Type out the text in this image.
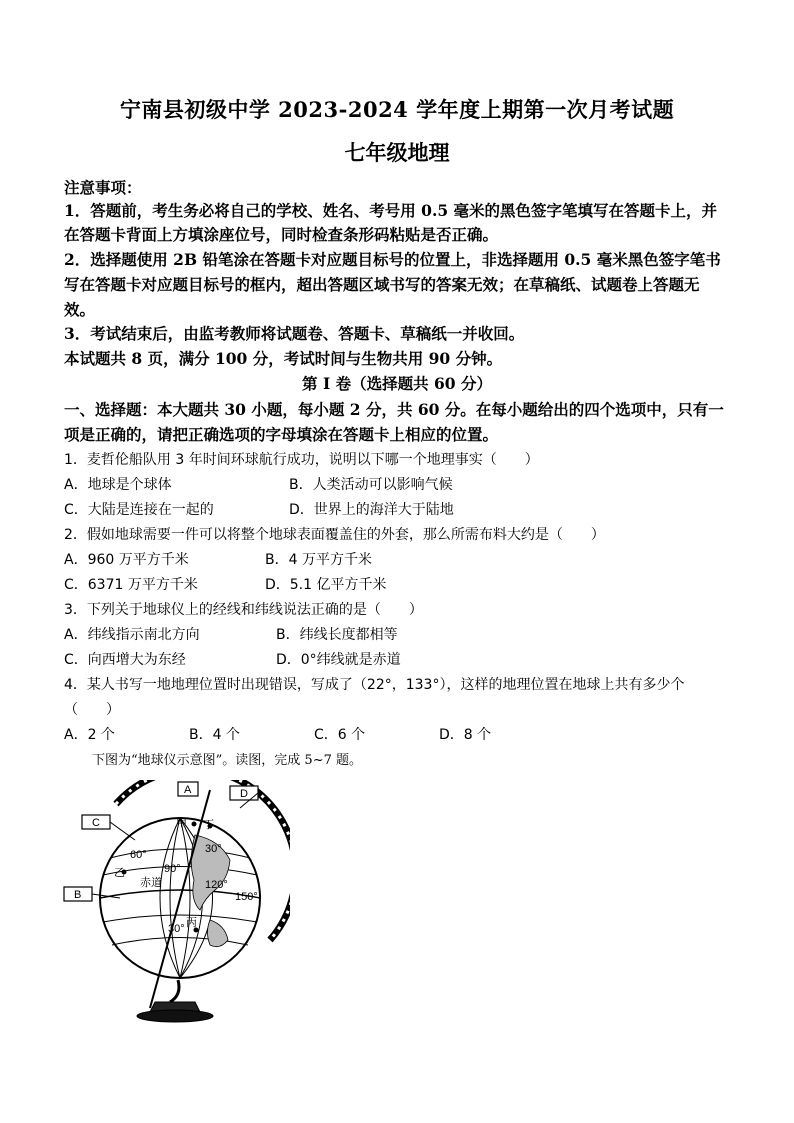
宁南县初级中学 2023-2024 学年度上期第一次月考试题
七年级地理
注意事项：
1．答题前，考生务必将自己的学校、姓名、考号用 0.5 毫米的黑色签字笔填写在答题卡上，并
在答题卡背面上方填涂座位号，同时检查条形码粘贴是否正确。
2．选择题使用 2B 铅笔涂在答题卡对应题目标号的位置上，非选择题用 0.5 毫米黑色签字笔书
写在答题卡对应题目标号的框内，超出答题区域书写的答案无效；在草稿纸、试题卷上答题无
效。
3．考试结束后，由监考教师将试题卷、答题卡、草稿纸一并收回。
本试题共 8 页，满分 100 分，考试时间与生物共用 90 分钟。
第 I 卷（选择题共 60 分）
一、选择题：本大题共 30 小题，每小题 2 分，共 60 分。在每小题给出的四个选项中，只有一
项是正确的，请把正确选项的字母填涂在答题卡上相应的位置。
1．麦哲伦船队用 3 年时间环球航行成功，说明以下哪一个地理事实（　　）
A．地球是个球体	B．人类活动可以影响气候
C．大陆是连接在一起的	D．世界上的海洋大于陆地
2．假如地球需要一件可以将整个地球表面覆盖住的外套，那么所需布料大约是（　　）
A．960 万平方千米	B．4 万平方千米
C．6371 万平方千米	D．5.1 亿平方千米
3．下列关于地球仪上的经线和纬线说法正确的是（　　）
A．纬线指示南北方向	B．纬线长度都相等
C．向西增大为东经	D．0°纬线就是赤道
4．某人书写一地地理位置时出现错误，写成了（22°，133°），这样的地理位置在地球上共有多少个
（　　）
A．2 个	B．4 个	C．6 个	D．8 个
下图为“地球仪示意图”。读图，完成 5~7 题。
A	D
C
B
甲 丁
乙
丙
赤道
60°	30°
30°
90°
120°
150°
